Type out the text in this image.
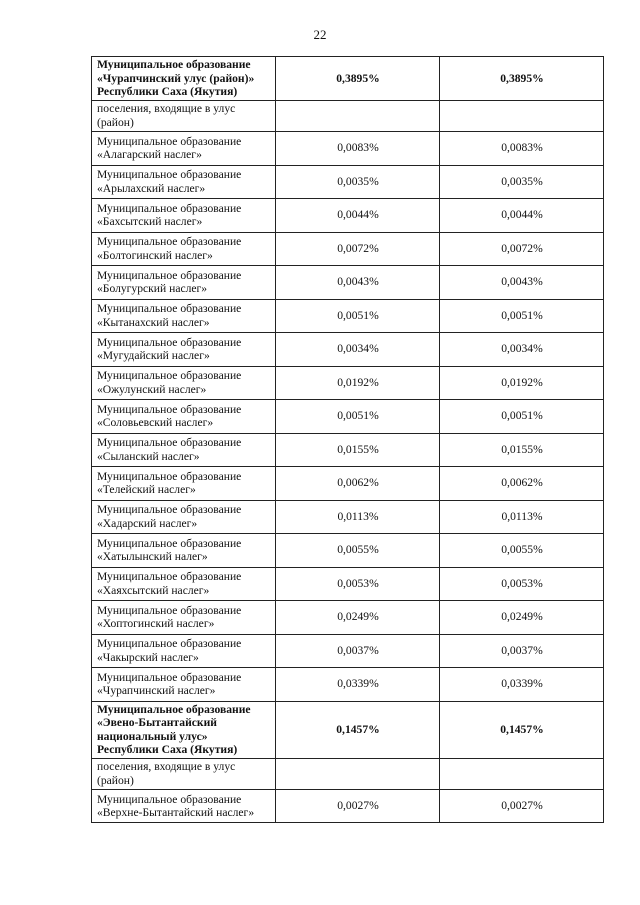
22
Муниципальное образование «Чурапчинский улус (район)» Республики Саха (Якутия)	0,3895%	0,3895%
поселения, входящие в улус (район)		
Муниципальное образование «Алагарский наслег»	0,0083%	0,0083%
Муниципальное образование «Арылахский наслег»	0,0035%	0,0035%
Муниципальное образование «Бахсытский наслег»	0,0044%	0,0044%
Муниципальное образование «Болтогинский наслег»	0,0072%	0,0072%
Муниципальное образование «Болугурский наслег»	0,0043%	0,0043%
Муниципальное образование «Кытанахский наслег»	0,0051%	0,0051%
Муниципальное образование «Мугудайский наслег»	0,0034%	0,0034%
Муниципальное образование «Ожулунский наслег»	0,0192%	0,0192%
Муниципальное образование «Соловьевский наслег»	0,0051%	0,0051%
Муниципальное образование «Сыланский наслег»	0,0155%	0,0155%
Муниципальное образование «Телейский наслег»	0,0062%	0,0062%
Муниципальное образование «Хадарский наслег»	0,0113%	0,0113%
Муниципальное образование «Хатылынский налег»	0,0055%	0,0055%
Муниципальное образование «Хаяхсытский наслег»	0,0053%	0,0053%
Муниципальное образование «Хоптогинский наслег»	0,0249%	0,0249%
Муниципальное образование «Чакырский наслег»	0,0037%	0,0037%
Муниципальное образование «Чурапчинский наслег»	0,0339%	0,0339%
Муниципальное образование «Эвено-Бытантайский национальный улус» Республики Саха (Якутия)	0,1457%	0,1457%
поселения, входящие в улус (район)		
Муниципальное образование «Верхне-Бытантайский наслег»	0,0027%	0,0027%
